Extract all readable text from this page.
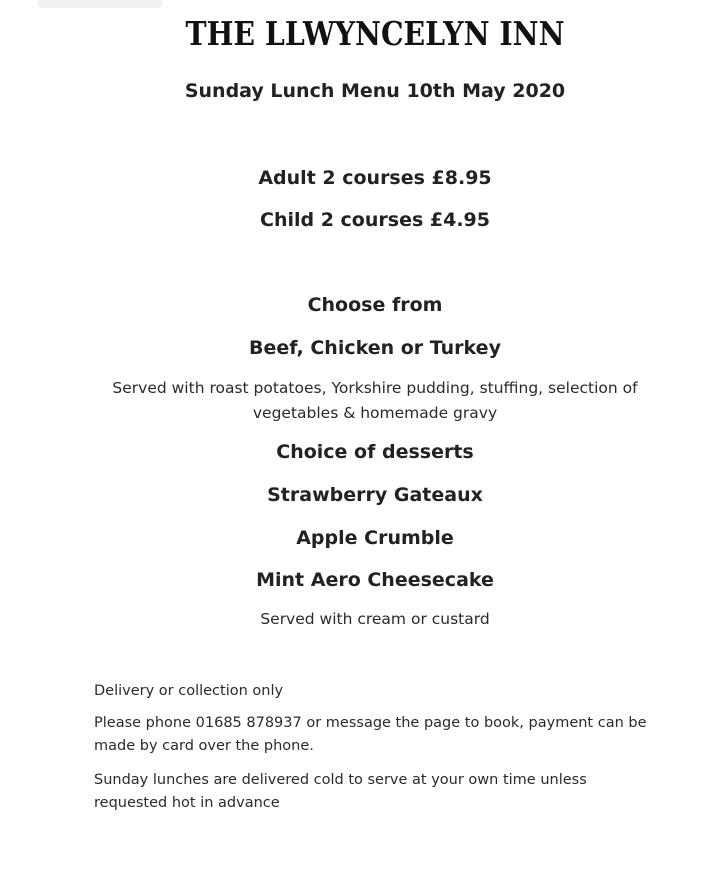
THE LLWYNCELYN INN
Sunday Lunch Menu 10th May 2020
Adult 2 courses £8.95
Child 2 courses £4.95
Choose from
Beef, Chicken or Turkey
Served with roast potatoes, Yorkshire pudding, stuffing, selection of vegetables & homemade gravy
Choice of desserts
Strawberry Gateaux
Apple Crumble
Mint Aero Cheesecake
Served with cream or custard
Delivery or collection only
Please phone 01685 878937 or message the page to book, payment can be made by card over the phone.
Sunday lunches are delivered cold to serve at your own time unless requested hot in advance
